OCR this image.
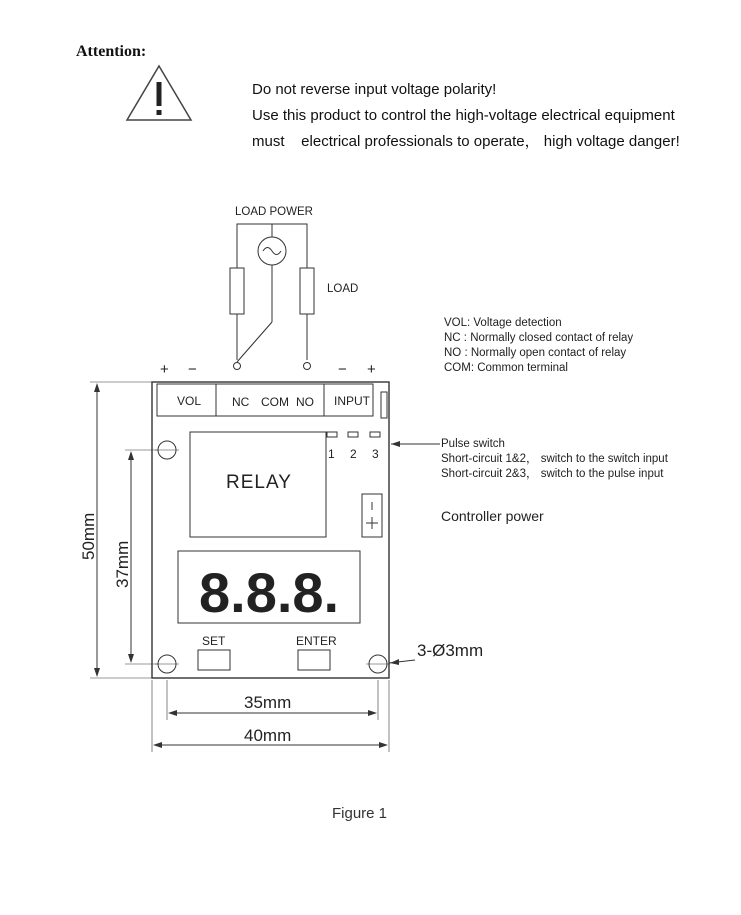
Attention:
Do not reverse input voltage polarity!
Use this product to control the high-voltage electrical equipment
must    electrical professionals to operate， high voltage danger!
LOAD POWER
LOAD
+ −	− +
VOL	NC COM NO INPUT
RELAY
8.8.8.
SET	ENTER
1 2 3
50mm
37mm
35mm
40mm
3-Ø3mm
VOL: Voltage detection
NC : Normally closed contact of relay
NO : Normally open contact of relay
COM: Common terminal
Pulse switch
Short-circuit 1&2， switch to the switch input
Short-circuit 2&3， switch to the pulse input
Controller power
Figure 1
